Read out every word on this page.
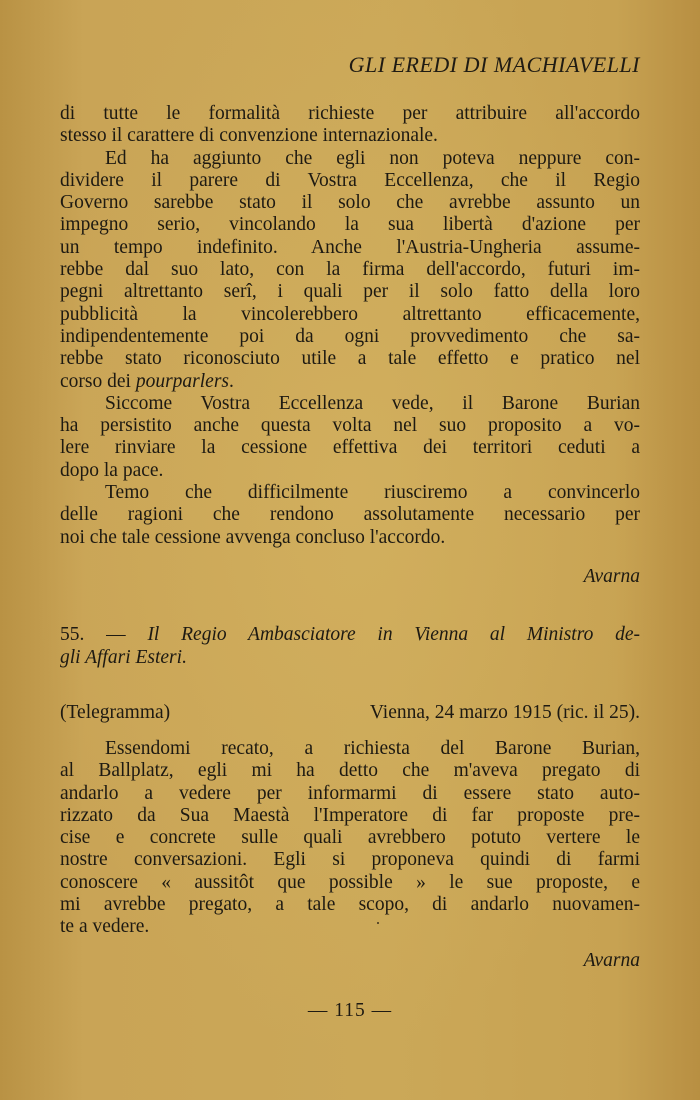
GLI EREDI DI MACHIAVELLI
di tutte le formalità richieste per attribuire all'accordo
stesso il carattere di convenzione internazionale.
Ed ha aggiunto che egli non poteva neppure con-
dividere il parere di Vostra Eccellenza, che il Regio
Governo sarebbe stato il solo che avrebbe assunto un
impegno serio, vincolando la sua libertà d'azione per
un tempo indefinito. Anche l'Austria-Ungheria assume-
rebbe dal suo lato, con la firma dell'accordo, futuri im-
pegni altrettanto serî, i quali per il solo fatto della loro
pubblicità la vincolerebbero altrettanto efficacemente,
indipendentemente poi da ogni provvedimento che sa-
rebbe stato riconosciuto utile a tale effetto e pratico nel
corso dei pourparlers.
Siccome Vostra Eccellenza vede, il Barone Burian
ha persistito anche questa volta nel suo proposito a vo-
lere rinviare la cessione effettiva dei territori ceduti a
dopo la pace.
Temo che difficilmente riusciremo a convincerlo
delle ragioni che rendono assolutamente necessario per
noi che tale cessione avvenga concluso l'accordo.
Avarna
55. — Il Regio Ambasciatore in Vienna al Ministro de-
gli Affari Esteri.
(Telegramma)	Vienna, 24 marzo 1915 (ric. il 25).
Essendomi recato, a richiesta del Barone Burian,
al Ballplatz, egli mi ha detto che m'aveva pregato di
andarlo a vedere per informarmi di essere stato auto-
rizzato da Sua Maestà l'Imperatore di far proposte pre-
cise e concrete sulle quali avrebbero potuto vertere le
nostre conversazioni. Egli si proponeva quindi di farmi
conoscere « aussitôt que possible » le sue proposte, e
mi avrebbe pregato, a tale scopo, di andarlo nuovamen-
te a vedere.
Avarna
— 115 —
